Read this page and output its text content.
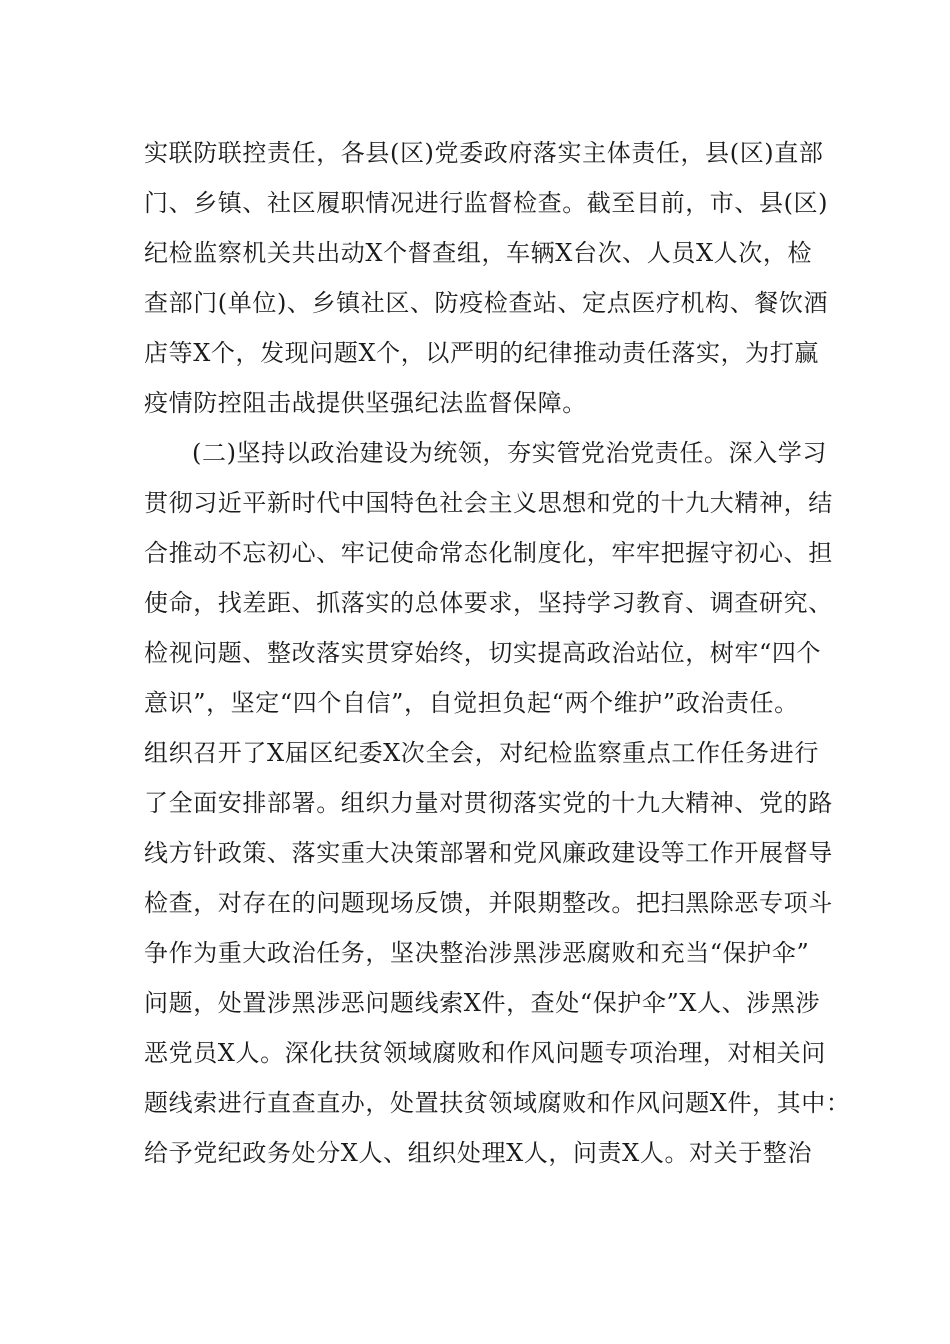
实联防联控责任，各县(区)党委政府落实主体责任，县(区)直部
门、乡镇、社区履职情况进行监督检查。截至目前，市、县(区)
纪检监察机关共出动X个督查组，车辆X台次、人员X人次，检
查部门(单位)、乡镇社区、防疫检查站、定点医疗机构、餐饮酒
店等X个，发现问题X个，以严明的纪律推动责任落实，为打赢
疫情防控阻击战提供坚强纪法监督保障。
(二)坚持以政治建设为统领，夯实管党治党责任。深入学习
贯彻习近平新时代中国特色社会主义思想和党的十九大精神，结
合推动不忘初心、牢记使命常态化制度化，牢牢把握守初心、担
使命，找差距、抓落实的总体要求，坚持学习教育、调查研究、
检视问题、整改落实贯穿始终，切实提高政治站位，树牢“四个
意识”，坚定“四个自信”，自觉担负起“两个维护”政治责任。
组织召开了X届区纪委X次全会，对纪检监察重点工作任务进行
了全面安排部署。组织力量对贯彻落实党的十九大精神、党的路
线方针政策、落实重大决策部署和党风廉政建设等工作开展督导
检查，对存在的问题现场反馈，并限期整改。把扫黑除恶专项斗
争作为重大政治任务，坚决整治涉黑涉恶腐败和充当“保护伞”
问题，处置涉黑涉恶问题线索X件，查处“保护伞”X人、涉黑涉
恶党员X人。深化扶贫领域腐败和作风问题专项治理，对相关问
题线索进行直查直办，处置扶贫领域腐败和作风问题X件，其中：
给予党纪政务处分X人、组织处理X人，问责X人。对关于整治
